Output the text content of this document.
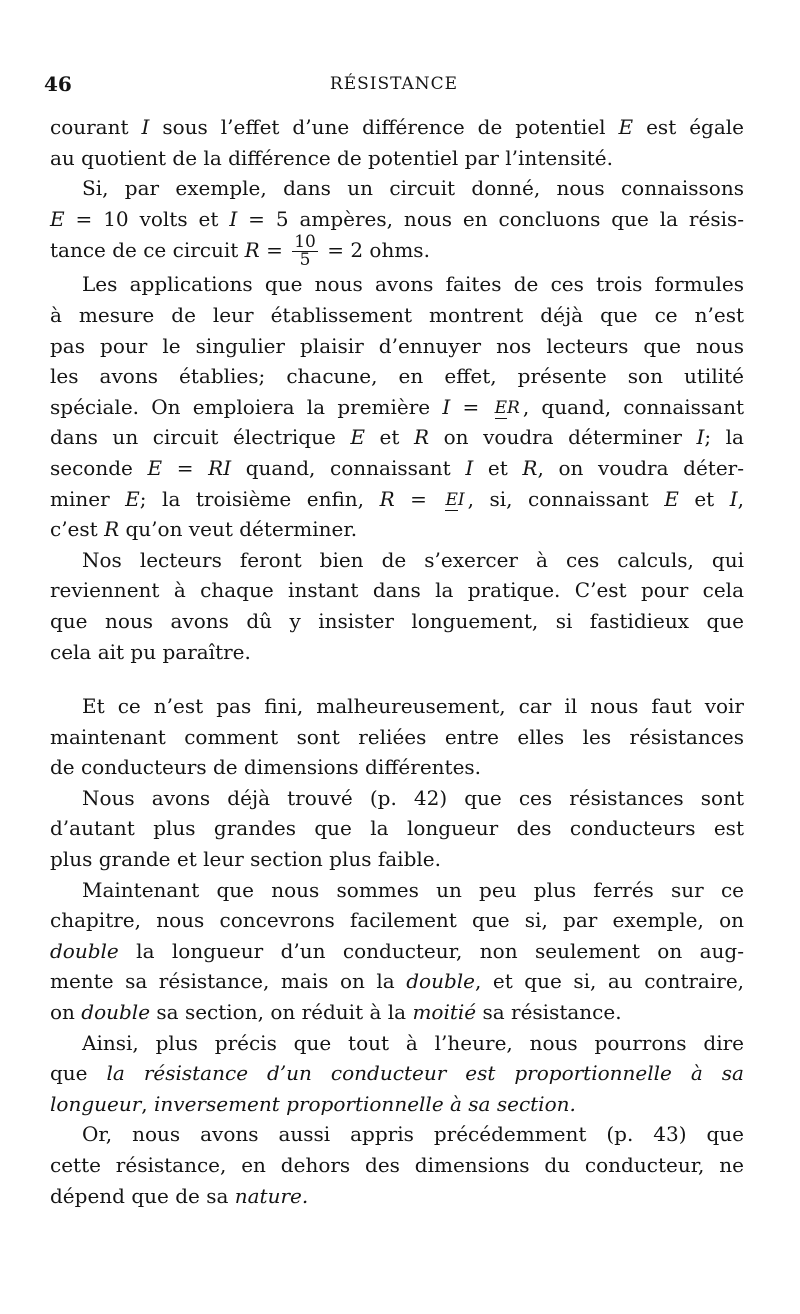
46	RÉSISTANCE

courant I sous l’effet d’une différence de potentiel E est égale

au quotient de la différence de potentiel par l’intensité.

Si, par exemple, dans un circuit donné, nous connaissons

E = 10 volts et I = 5 ampères, nous en concluons que la résis-

tance de ce circuit $R = \frac{10}{5} = 2$ ohms.

Les applications que nous avons faites de ces trois formules

à mesure de leur établissement montrent déjà que ce n’est

pas pour le singulier plaisir d’ennuyer nos lecteurs que nous

les avons établies; chacune, en effet, présente son utilité

spéciale. On emploiera la première I = ER , quand, connaissant

dans un circuit électrique E et R on voudra déterminer I; la

seconde E = RI quand, connaissant I et R, on voudra déter-

miner E; la troisième enfin, R = EI , si, connaissant E et I,

c’est R qu’on veut déterminer.

Nos lecteurs feront bien de s’exercer à ces calculs, qui

reviennent à chaque instant dans la pratique. C’est pour cela

que nous avons dû y insister longuement, si fastidieux que

cela ait pu paraître.

Et ce n’est pas fini, malheureusement, car il nous faut voir

maintenant comment sont reliées entre elles les résistances

de conducteurs de dimensions différentes.

Nous avons déjà trouvé (p. 42) que ces résistances sont

d’autant plus grandes que la longueur des conducteurs est

plus grande et leur section plus faible.

Maintenant que nous sommes un peu plus ferrés sur ce

chapitre, nous concevrons facilement que si, par exemple, on

double la longueur d’un conducteur, non seulement on aug-

mente sa résistance, mais on la double, et que si, au contraire,

on double sa section, on réduit à la moitié sa résistance.

Ainsi, plus précis que tout à l’heure, nous pourrons dire

que la résistance d’un conducteur est proportionnelle à sa

longueur, inversement proportionnelle à sa section.

Or, nous avons aussi appris précédemment (p. 43) que

cette résistance, en dehors des dimensions du conducteur, ne

dépend que de sa nature.
